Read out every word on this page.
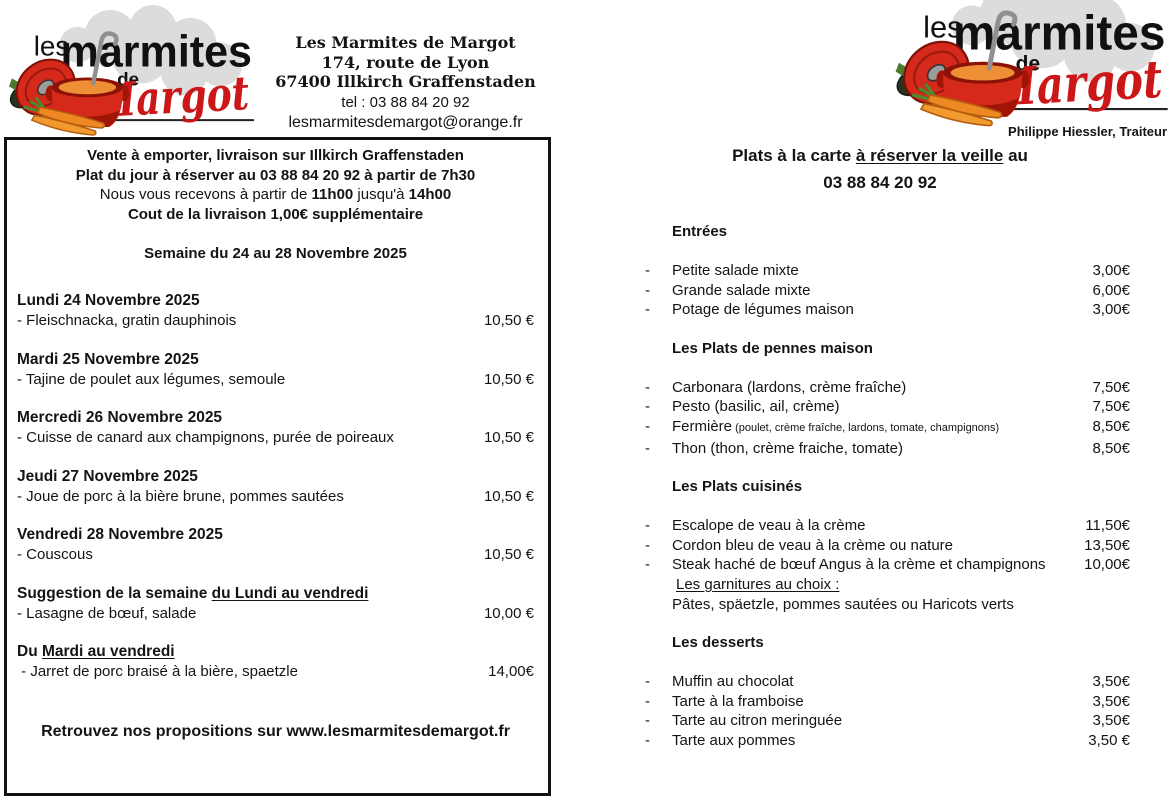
Les Marmites de Margot
174, route de Lyon
67400 Illkirch Graffenstaden
tel : 03 88 84 20 92
lesmarmitesdemargot@orange.fr
Vente à emporter, livraison sur Illkirch Graffenstaden
Plat du jour à réserver au 03 88 84 20 92 à partir de 7h30
Nous vous recevons à partir de 11h00 jusqu'à 14h00
Cout de la livraison 1,00€ supplémentaire
Semaine du 24 au 28 Novembre 2025
Lundi 24 Novembre 2025
- Fleischnacka, gratin dauphinois	10,50 €
Mardi 25 Novembre 2025
- Tajine de poulet aux légumes, semoule	10,50 €
Mercredi 26 Novembre 2025
- Cuisse de canard aux champignons, purée de poireaux	10,50 €
Jeudi 27 Novembre 2025
- Joue de porc à la bière brune, pommes sautées	10,50 €
Vendredi 28 Novembre 2025
- Couscous	10,50 €
Suggestion de la semaine du Lundi au vendredi
- Lasagne de bœuf, salade	10,00 €
Du Mardi au vendredi
- Jarret de porc braisé à la bière, spaetzle	14,00€
Retrouvez nos propositions sur www.lesmarmitesdemargot.fr
Philippe Hiessler, Traiteur
Plats à la carte à réserver la veille au
03 88 84 20 92
Entrées
-	Petite salade mixte	3,00€
-	Grande salade mixte	6,00€
-	Potage de légumes maison	3,00€
Les Plats de pennes maison
-	Carbonara (lardons, crème fraîche)	7,50€
-	Pesto (basilic, ail, crème)	7,50€
-	Fermière (poulet, crème fraîche, lardons, tomate, champignons)	8,50€
-	Thon (thon, crème fraiche, tomate)	8,50€
Les Plats cuisinés
-	Escalope de veau à la crème	11,50€
-	Cordon bleu de veau à la crème ou nature	13,50€
-	Steak haché de bœuf Angus à la crème et champignons	10,00€
Les garnitures au choix :
Pâtes, späetzle, pommes sautées ou Haricots verts
Les desserts
-	Muffin au chocolat	3,50€
-	Tarte à la framboise	3,50€
-	Tarte au citron meringuée	3,50€
-	Tarte aux pommes	3,50 €
